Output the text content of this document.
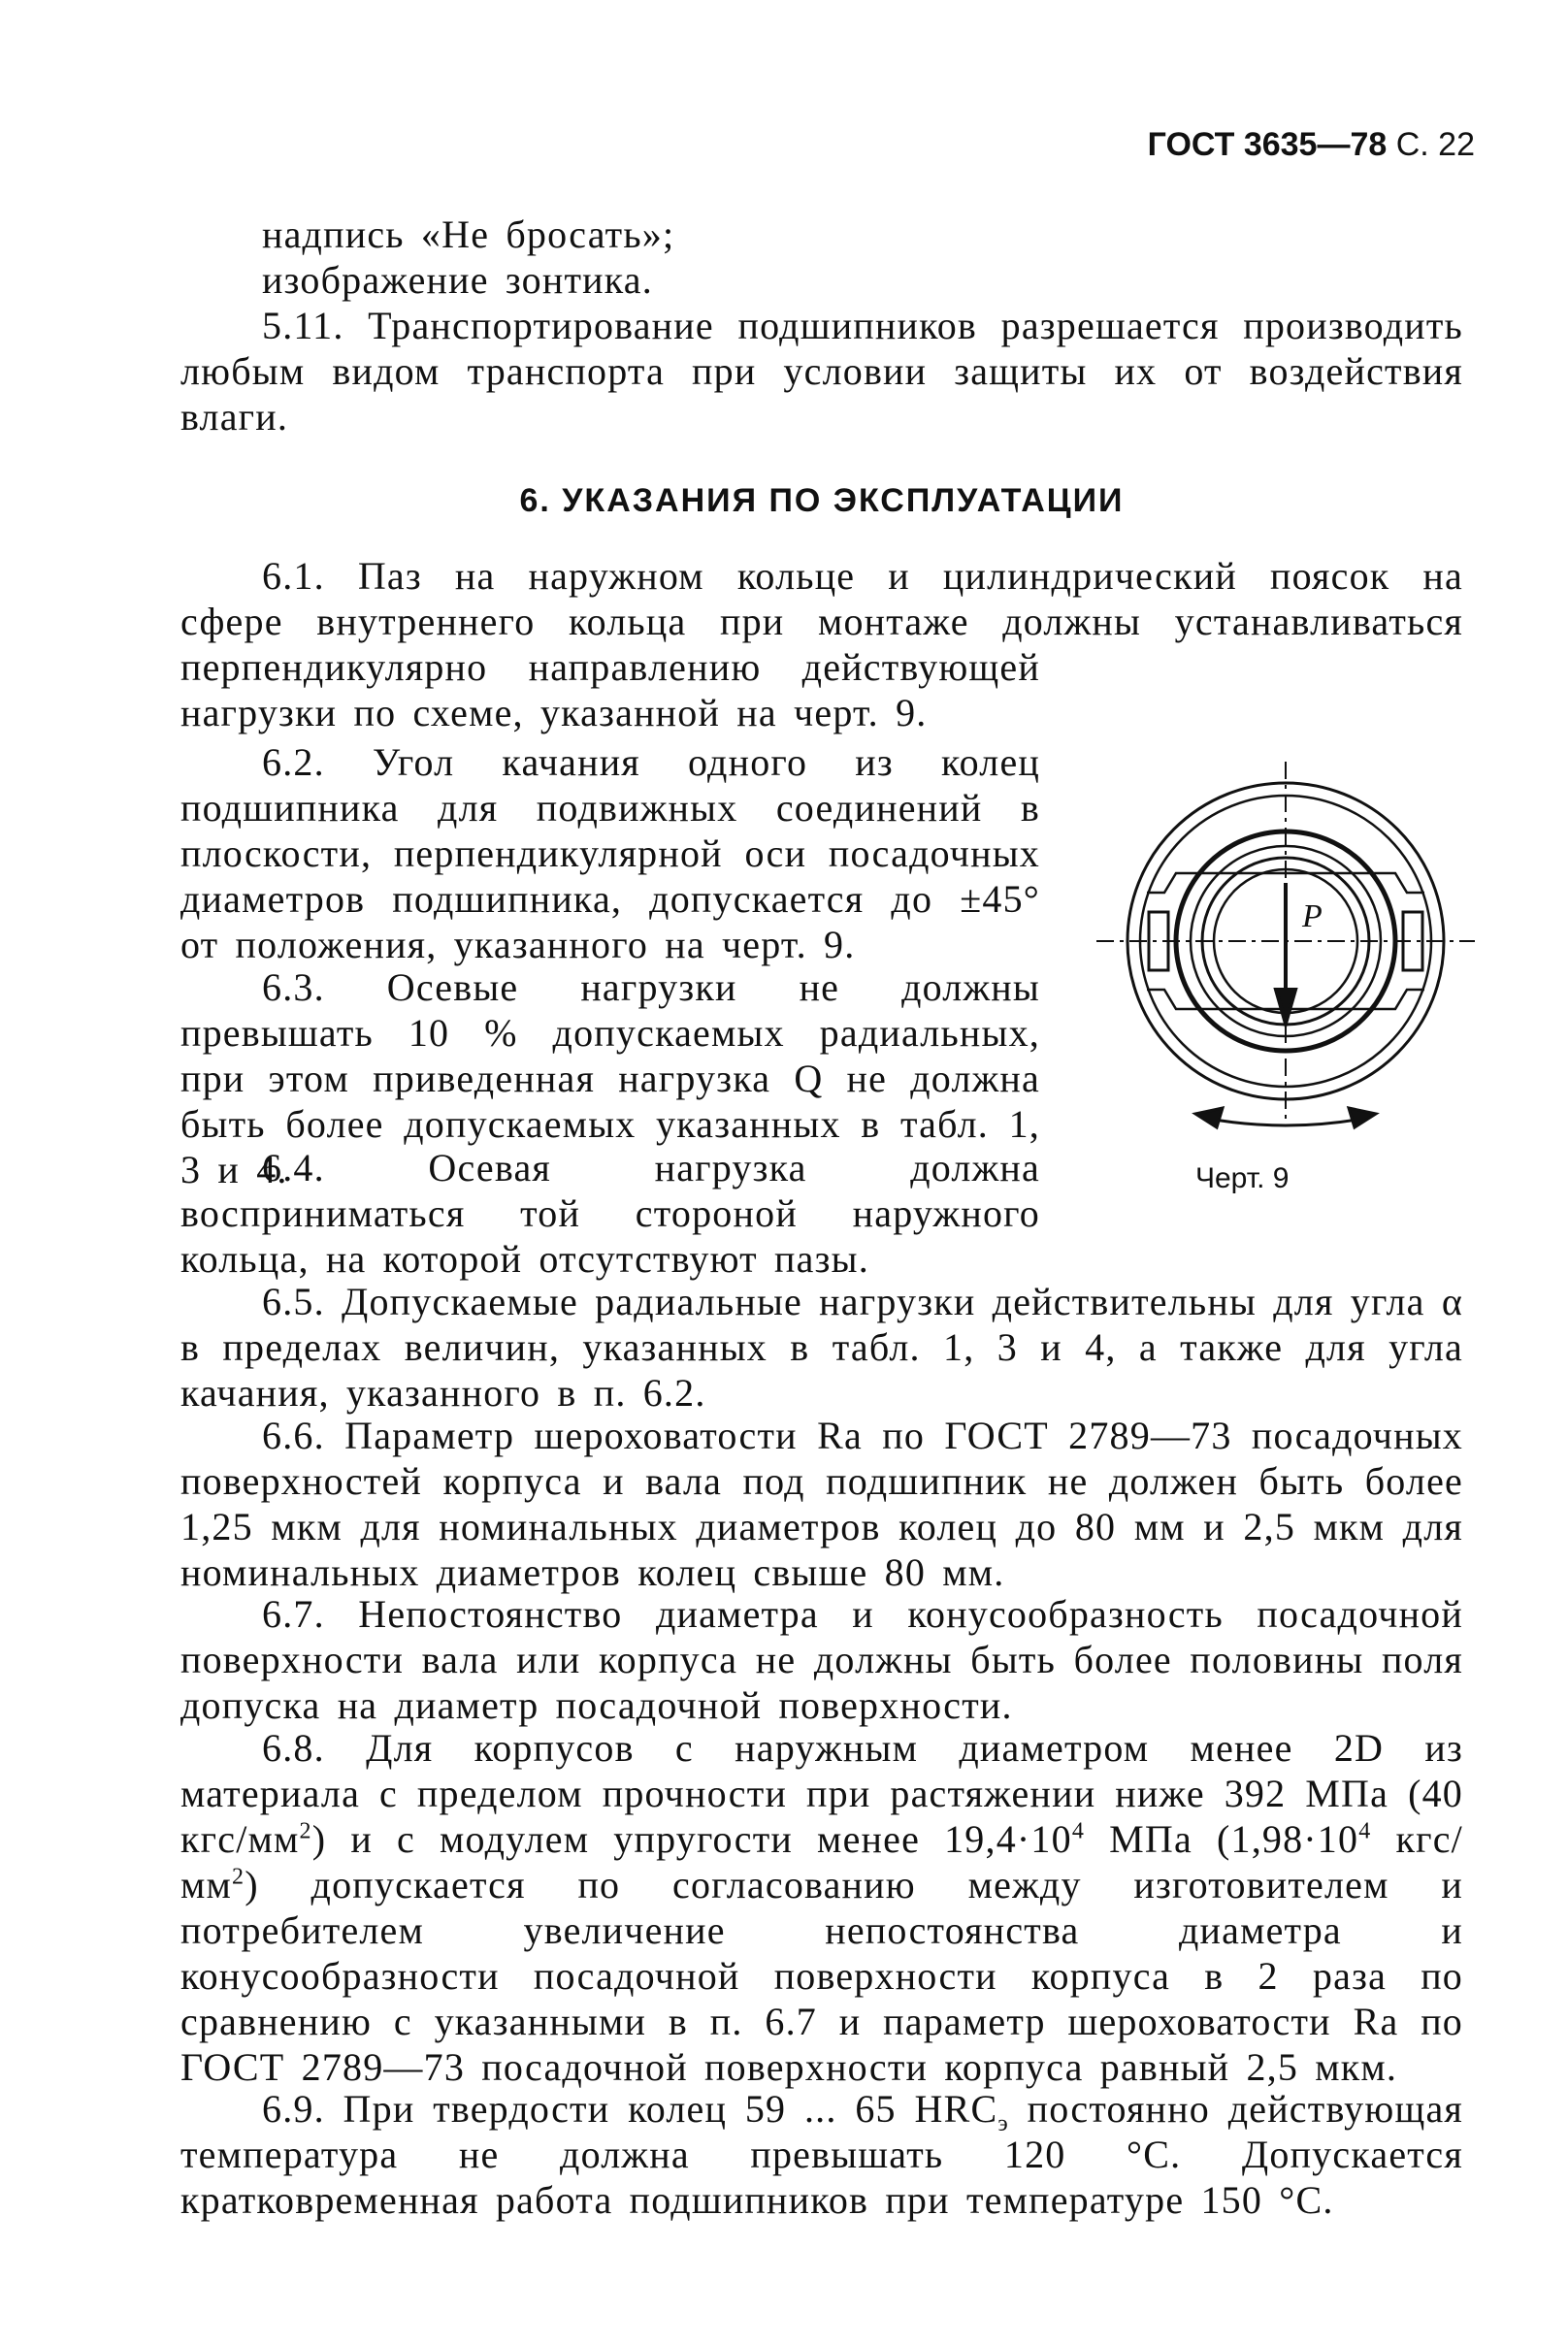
ГОСТ 3635—78 С. 22
надпись «Не бросать»;
изображение зонтика.
5.11. Транспортирование подшипников разрешается производить любым видом транспорта при условии защиты их от воздействия влаги.
6. УКАЗАНИЯ ПО ЭКСПЛУАТАЦИИ
6.1. Паз на наружном кольце и цилиндрический поясок на
сфере внутреннего кольца при монтаже должны устанавливаться
перпендикулярно направлению действующей нагрузки по схеме, указанной на черт. 9.
6.2. Угол качания одного из колец подшипника для подвижных соединений в плоскости, перпендикулярной оси посадочных диаметров подшипника, допускается до ±45° от положения, указанного на черт. 9.
6.3. Осевые нагрузки не должны превышать 10 % допускаемых радиальных, при этом приведенная нагрузка Q не должна быть более допускаемых указанных в табл. 1, 3 и 4.
6.4. Осевая нагрузка должна восприниматься той стороной наружного кольца, на которой отсутствуют пазы.
6.5. Допускаемые радиальные нагрузки действительны для угла α в пределах величин, указанных в табл. 1, 3 и 4, а также для угла качания, указанного в п. 6.2.
6.6. Параметр шероховатости Ra по ГОСТ 2789—73 посадочных поверхностей корпуса и вала под подшипник не должен быть более 1,25 мкм для номинальных диаметров колец до 80 мм и 2,5 мкм для номинальных диаметров колец свыше 80 мм.
6.7. Непостоянство диаметра и конусообразность посадочной поверхности вала или корпуса не должны быть более половины поля допуска на диаметр посадочной поверхности.
6.8. Для корпусов с наружным диаметром менее 2D из материала с пределом прочности при растяжении ниже 392 МПа (40 кгс/$мм^2$) и с модулем упругости менее $19,4\cdot 10^4$ МПа ($1,98\cdot 10^4$ кгс/$мм^2$) допускается по согласованию между изготовителем и потребителем увеличение непостоянства диаметра и конусообразности посадочной поверхности корпуса в 2 раза по сравнению с указанными в п. 6.7 и параметр шероховатости Ra по ГОСТ 2789—73 посадочной поверхности корпуса равный 2,5 мкм.
6.9. При твердости колец 59 ... 65 $HRC_э$ постоянно действующая температура не должна превышать 120 °С. Допускается кратковременная работа подшипников при температуре 150 °С.
P
Черт. 9
